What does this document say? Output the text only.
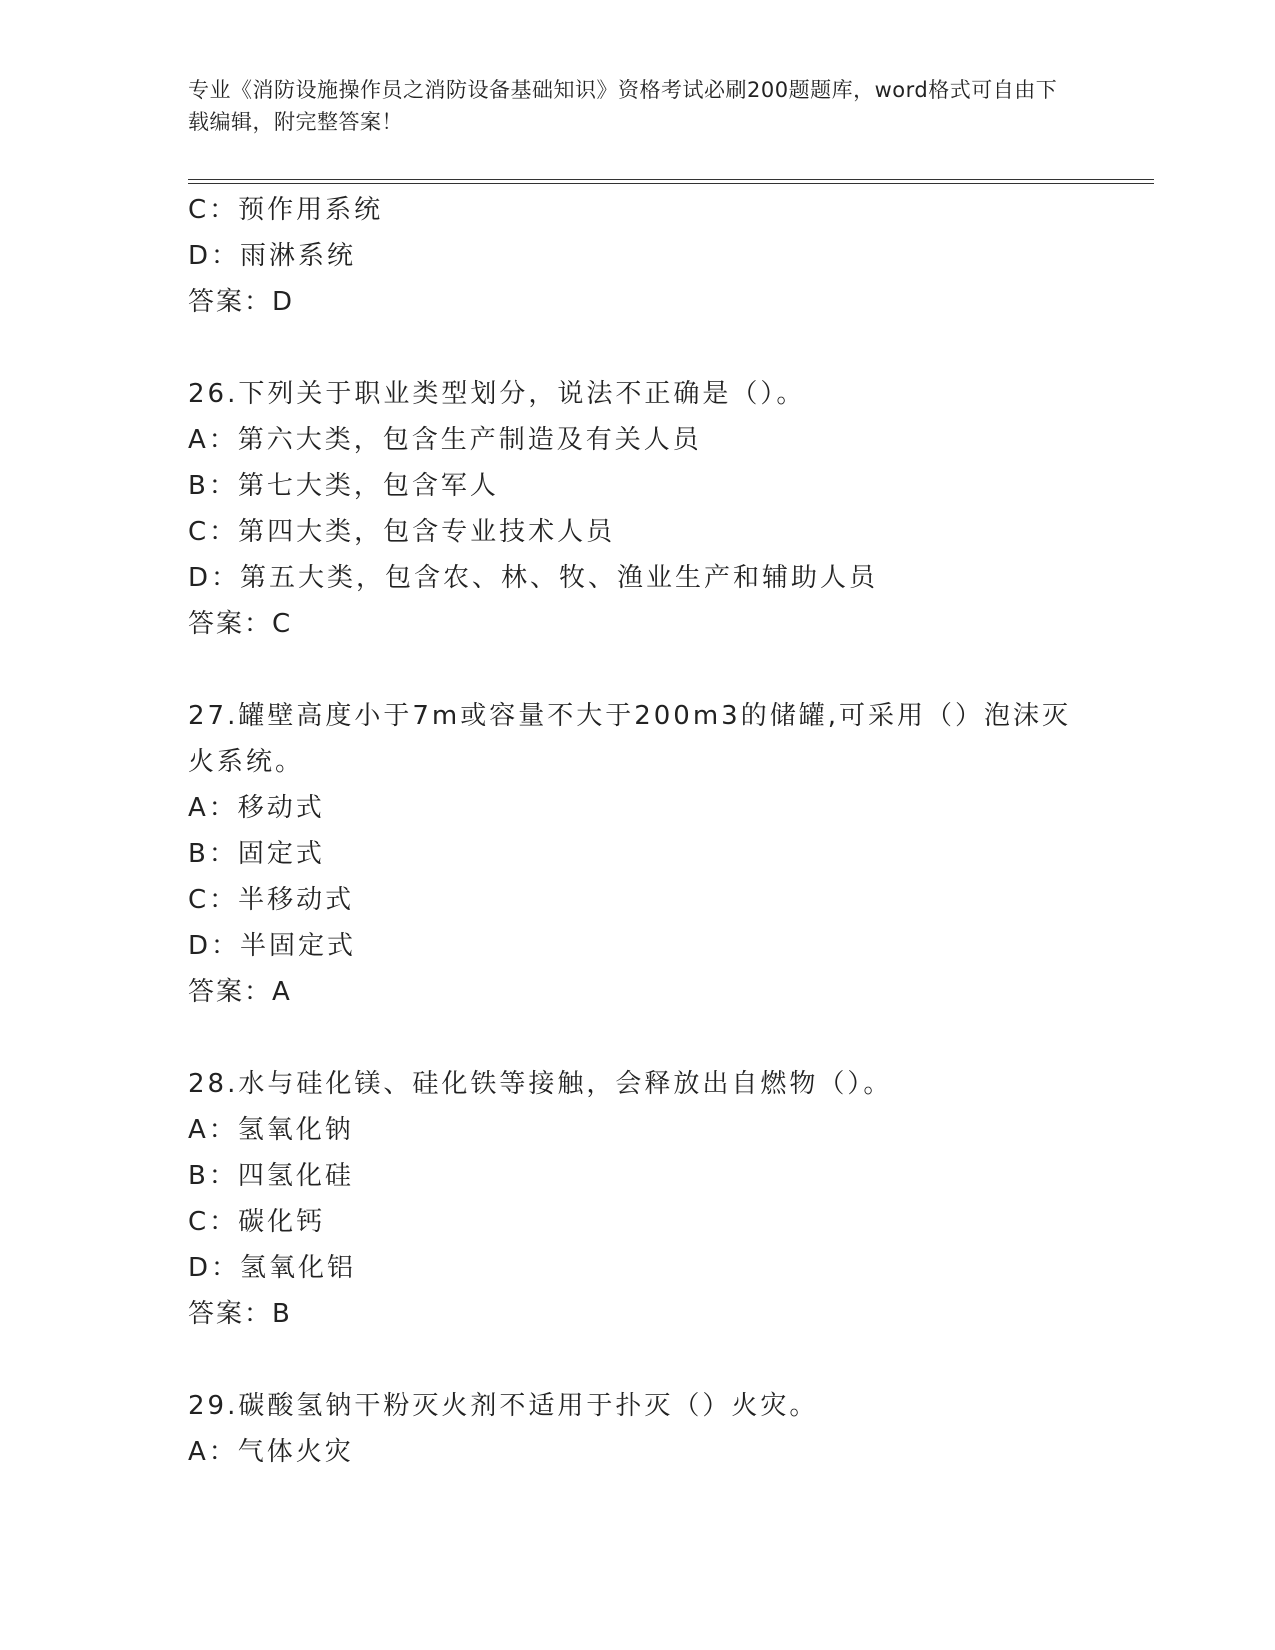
专业《消防设施操作员之消防设备基础知识》资格考试必刷200题题库，word格式可自由下载编辑，附完整答案！
C：预作用系统
D：雨淋系统
答案：D
26.下列关于职业类型划分，说法不正确是（）。
A：第六大类，包含生产制造及有关人员
B：第七大类，包含军人
C：第四大类，包含专业技术人员
D：第五大类，包含农、林、牧、渔业生产和辅助人员
答案：C
27.罐壁高度小于7m或容量不大于200m3的储罐,可采用（）泡沫灭火系统。
A：移动式
B：固定式
C：半移动式
D：半固定式
答案：A
28.水与硅化镁、硅化铁等接触，会释放出自燃物（）。
A：氢氧化钠
B：四氢化硅
C：碳化钙
D：氢氧化铝
答案：B
29.碳酸氢钠干粉灭火剂不适用于扑灭（）火灾。
A：气体火灾
